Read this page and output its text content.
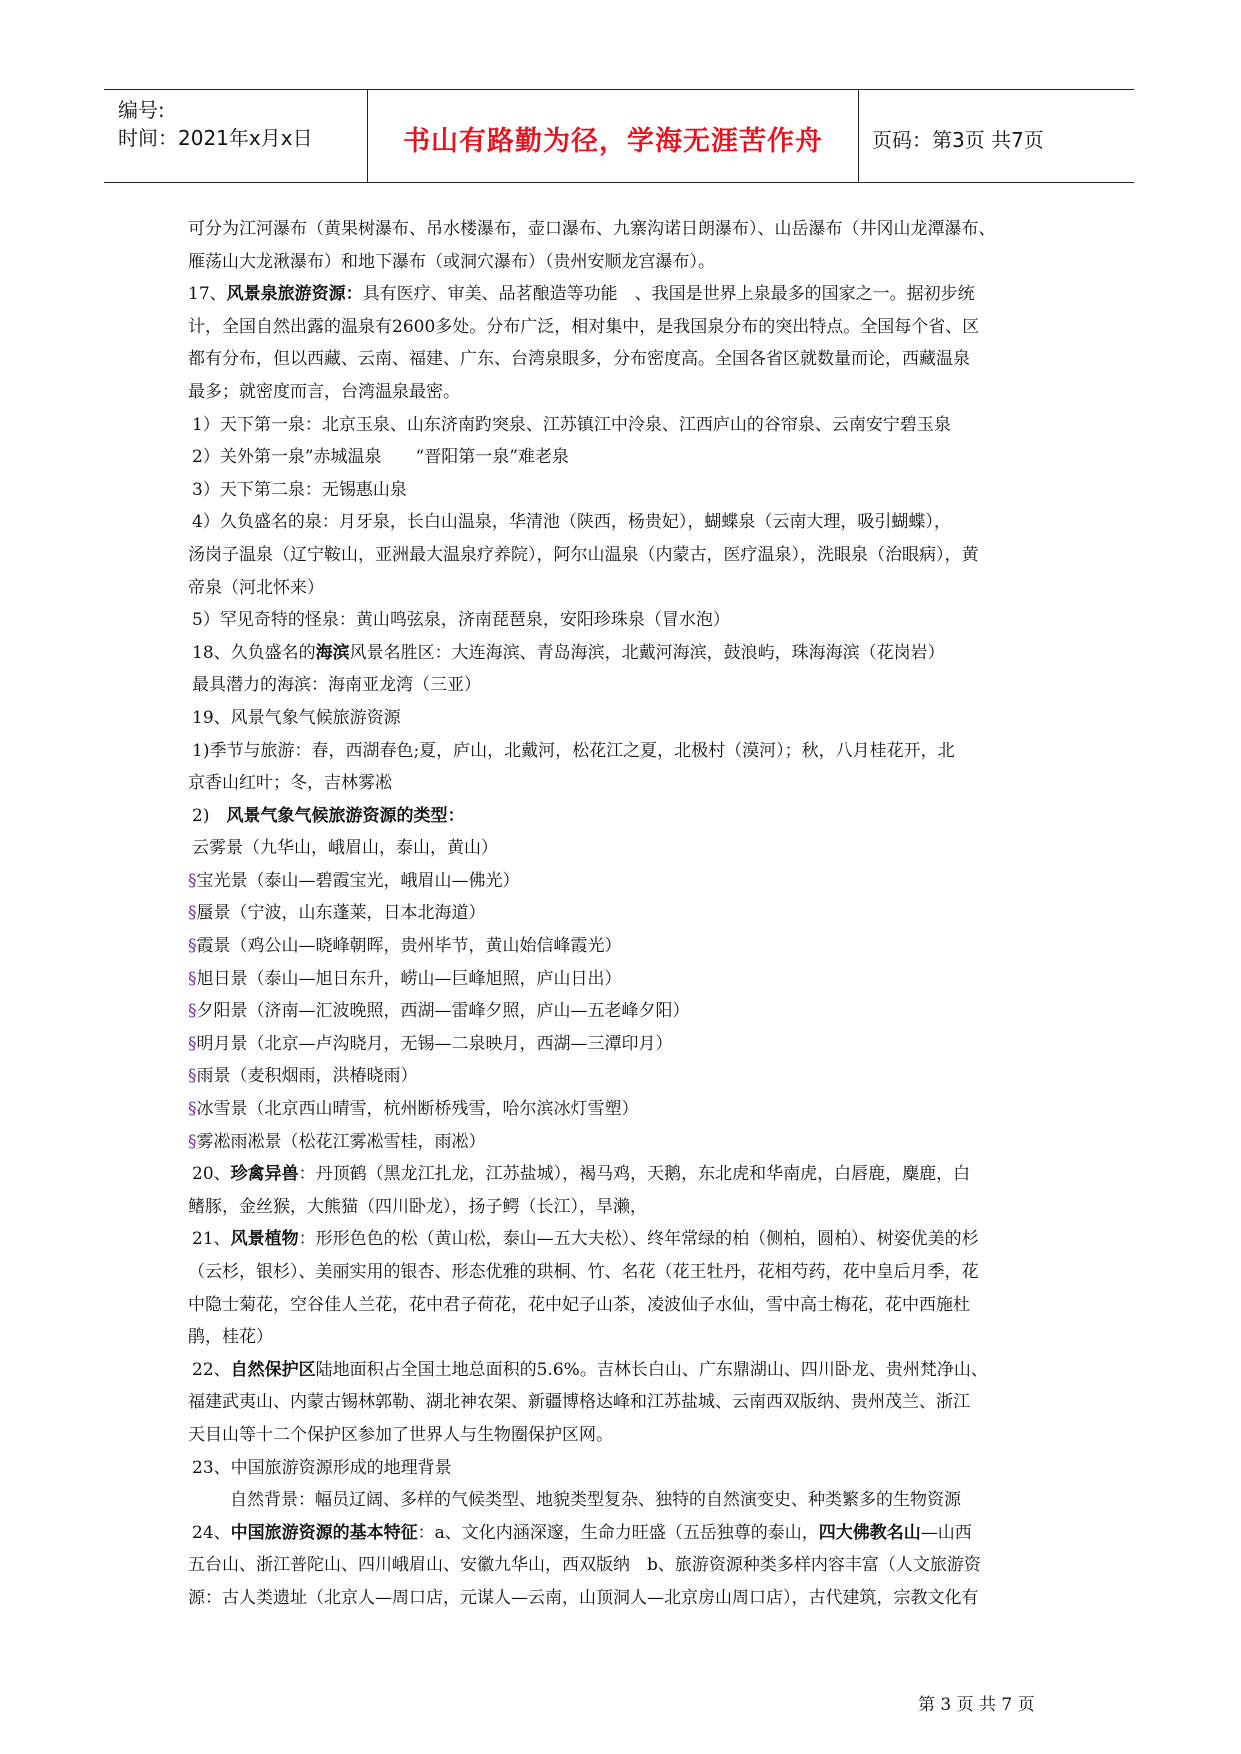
编号:
时间：2021年x月x日	书山有路勤为径，学海无涯苦作舟	页码：第3页 共7页

可分为江河瀑布（黄果树瀑布、吊水楼瀑布，壶口瀑布、九寨沟诺日朗瀑布）、山岳瀑布（井冈山龙潭瀑布、

雁荡山大龙湫瀑布）和地下瀑布（或洞穴瀑布）（贵州安顺龙宫瀑布）。

17、风景泉旅游资源：具有医疗、审美、品茗酿造等功能　、我国是世界上泉最多的国家之一。据初步统

计，全国自然出露的温泉有2600多处。分布广泛，相对集中，是我国泉分布的突出特点。全国每个省、区

都有分布，但以西藏、云南、福建、广东、台湾泉眼多，分布密度高。全国各省区就数量而论，西藏温泉

最多；就密度而言，台湾温泉最密。

1）天下第一泉：北京玉泉、山东济南趵突泉、江苏镇江中泠泉、江西庐山的谷帘泉、云南安宁碧玉泉

2）关外第一泉”赤城温泉　　“晋阳第一泉”难老泉

3）天下第二泉：无锡惠山泉

4）久负盛名的泉：月牙泉，长白山温泉，华清池（陕西，杨贵妃），蝴蝶泉（云南大理，吸引蝴蝶），

汤岗子温泉（辽宁鞍山，亚洲最大温泉疗养院），阿尔山温泉（内蒙古，医疗温泉），洗眼泉（治眼病），黄

帝泉（河北怀来）

5）罕见奇特的怪泉：黄山鸣弦泉，济南琵琶泉，安阳珍珠泉（冒水泡）

18、久负盛名的海滨风景名胜区：大连海滨、青岛海滨，北戴河海滨，鼓浪屿，珠海海滨（花岗岩）

最具潜力的海滨：海南亚龙湾（三亚）

19、风景气象气候旅游资源

1)季节与旅游：春，西湖春色;夏，庐山，北戴河，松花江之夏，北极村（漠河）；秋，八月桂花开，北

京香山红叶；冬，吉林雾凇

2)　风景气象气候旅游资源的类型：

云雾景（九华山，峨眉山，泰山，黄山）

§宝光景（泰山—碧霞宝光，峨眉山—佛光）

§蜃景（宁波，山东蓬莱，日本北海道）

§霞景（鸡公山—晓峰朝晖，贵州毕节，黄山始信峰霞光）

§旭日景（泰山—旭日东升，崂山—巨峰旭照，庐山日出）

§夕阳景（济南—汇波晚照，西湖—雷峰夕照，庐山—五老峰夕阳）

§明月景（北京—卢沟晓月，无锡—二泉映月，西湖—三潭印月）

§雨景（麦积烟雨，洪椿晓雨）

§冰雪景（北京西山晴雪，杭州断桥残雪，哈尔滨冰灯雪塑）

§雾凇雨凇景（松花江雾凇雪桂，雨凇）

20、珍禽异兽：丹顶鹤（黑龙江扎龙，江苏盐城），褐马鸡，天鹅，东北虎和华南虎，白唇鹿，麋鹿，白

鳍豚，金丝猴，大熊猫（四川卧龙），扬子鳄（长江），旱濑，

21、风景植物：形形色色的松（黄山松，泰山—五大夫松）、终年常绿的柏（侧柏，圆柏）、树姿优美的杉

（云杉，银杉）、美丽实用的银杏、形态优雅的珙桐、竹、名花（花王牡丹，花相芍药，花中皇后月季，花

中隐士菊花，空谷佳人兰花，花中君子荷花，花中妃子山茶，凌波仙子水仙，雪中高士梅花，花中西施杜

鹃，桂花）

22、自然保护区陆地面积占全国土地总面积的5.6%。吉林长白山、广东鼎湖山、四川卧龙、贵州梵净山、

福建武夷山、内蒙古锡林郭勒、湖北神农架、新疆博格达峰和江苏盐城、云南西双版纳、贵州茂兰、浙江

天目山等十二个保护区参加了世界人与生物圈保护区网。

23、中国旅游资源形成的地理背景

自然背景：幅员辽阔、多样的气候类型、地貌类型复杂、独特的自然演变史、种类繁多的生物资源

24、中国旅游资源的基本特征：a、文化内涵深邃，生命力旺盛（五岳独尊的泰山，四大佛教名山—山西

五台山、浙江普陀山、四川峨眉山、安徽九华山，西双版纳　b、旅游资源种类多样内容丰富（人文旅游资

源：古人类遗址（北京人—周口店，元谋人—云南，山顶洞人—北京房山周口店），古代建筑，宗教文化有

第 3 页 共 7 页
